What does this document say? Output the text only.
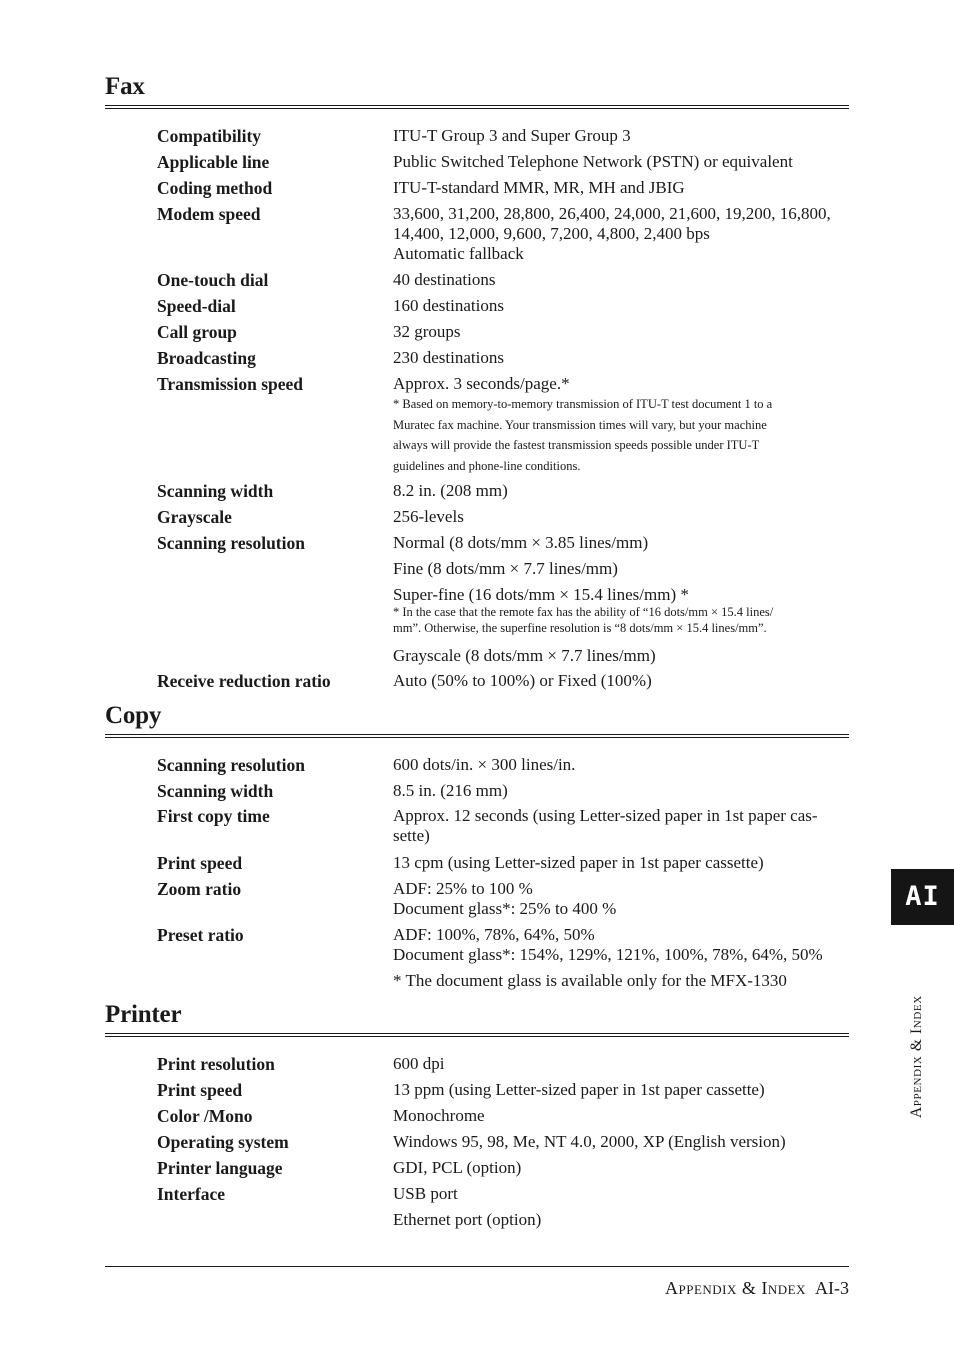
Fax
Compatibility	ITU-T Group 3 and Super Group 3
Applicable line	Public Switched Telephone Network (PSTN) or equivalent
Coding method	ITU-T-standard MMR, MR, MH and JBIG
Modem speed	33,600, 31,200, 28,800, 26,400, 24,000, 21,600, 19,200, 16,800,
14,400, 12,000, 9,600, 7,200, 4,800, 2,400 bps
Automatic fallback
One-touch dial	40 destinations
Speed-dial	160 destinations
Call group	32 groups
Broadcasting	230 destinations
Transmission speed	Approx. 3 seconds/page.*
* Based on memory-to-memory transmission of ITU-T test document 1 to a
Muratec fax machine. Your transmission times will vary, but your machine
always will provide the fastest transmission speeds possible under ITU-T
guidelines and phone-line conditions.
Scanning width	8.2 in. (208 mm)
Grayscale	256-levels
Scanning resolution	Normal (8 dots/mm × 3.85 lines/mm)
Fine (8 dots/mm × 7.7 lines/mm)
Super-fine (16 dots/mm × 15.4 lines/mm) *
* In the case that the remote fax has the ability of “16 dots/mm × 15.4 lines/
mm”. Otherwise, the superfine resolution is “8 dots/mm × 15.4 lines/mm”.
Grayscale (8 dots/mm × 7.7 lines/mm)
Receive reduction ratio	Auto (50% to 100%) or Fixed (100%)
Copy
Scanning resolution	600 dots/in. × 300 lines/in.
Scanning width	8.5 in. (216 mm)
First copy time	Approx. 12 seconds (using Letter-sized paper in 1st paper cas-
sette)
Print speed	13 cpm (using Letter-sized paper in 1st paper cassette)
Zoom ratio	ADF: 25% to 100 %
Document glass*: 25% to 400 %
Preset ratio	ADF: 100%, 78%, 64%, 50%
Document glass*: 154%, 129%, 121%, 100%, 78%, 64%, 50%
* The document glass is available only for the MFX-1330
Printer
Print resolution	600 dpi
Print speed	13 ppm (using Letter-sized paper in 1st paper cassette)
Color /Mono	Monochrome
Operating system	Windows 95, 98, Me, NT 4.0, 2000, XP (English version)
Printer language	GDI, PCL (option)
Interface	USB port
Ethernet port (option)
AI
Appendix & Index
Appendix & Index AI-3
